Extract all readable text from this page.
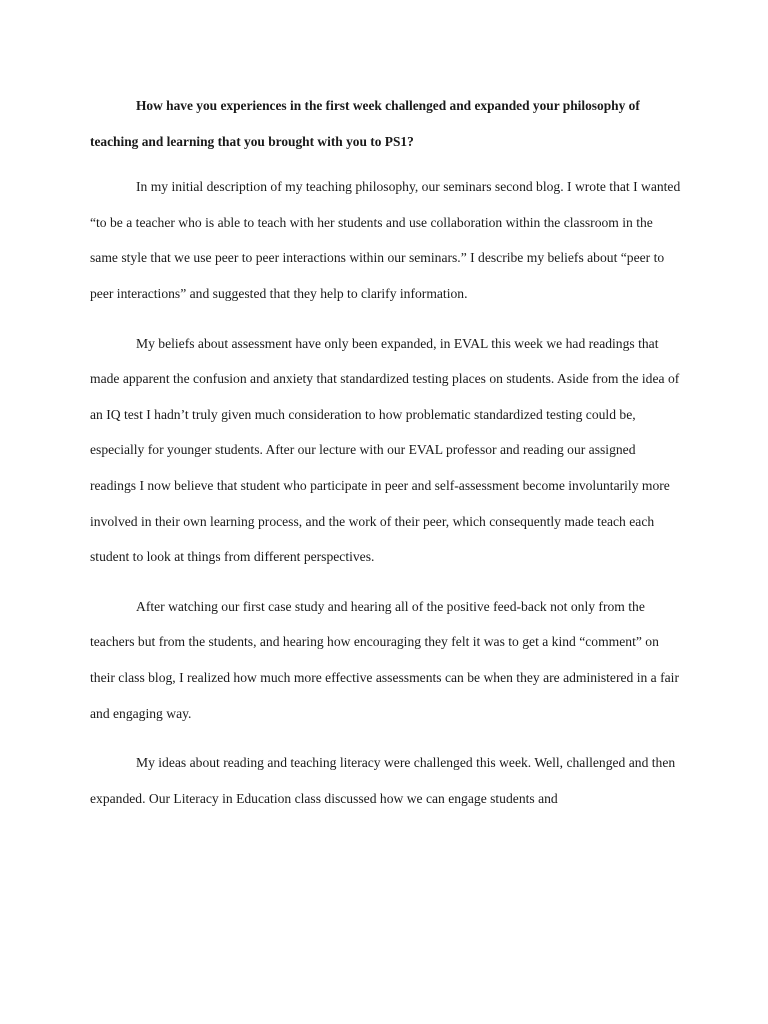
How have you experiences in the first week challenged and expanded your philosophy of teaching and learning that you brought with you to PS1?

In my initial description of my teaching philosophy, our seminars second blog. I wrote that I wanted “to be a teacher who is able to teach with her students and use collaboration within the classroom in the same style that we use peer to peer interactions within our seminars.” I describe my beliefs about “peer to peer interactions” and suggested that they help to clarify information.

My beliefs about assessment have only been expanded, in EVAL this week we had readings that made apparent the confusion and anxiety that standardized testing places on students. Aside from the idea of an IQ test I hadn’t truly given much consideration to how problematic standardized testing could be, especially for younger students. After our lecture with our EVAL professor and reading our assigned readings I now believe that student who participate in peer and self-assessment become involuntarily more involved in their own learning process, and the work of their peer, which consequently made teach each student to look at things from different perspectives.

After watching our first case study and hearing all of the positive feed-back not only from the teachers but from the students, and hearing how encouraging they felt it was to get a kind “comment” on their class blog, I realized how much more effective assessments can be when they are administered in a fair and engaging way.

My ideas about reading and teaching literacy were challenged this week. Well, challenged and then expanded. Our Literacy in Education class discussed how we can engage students and
